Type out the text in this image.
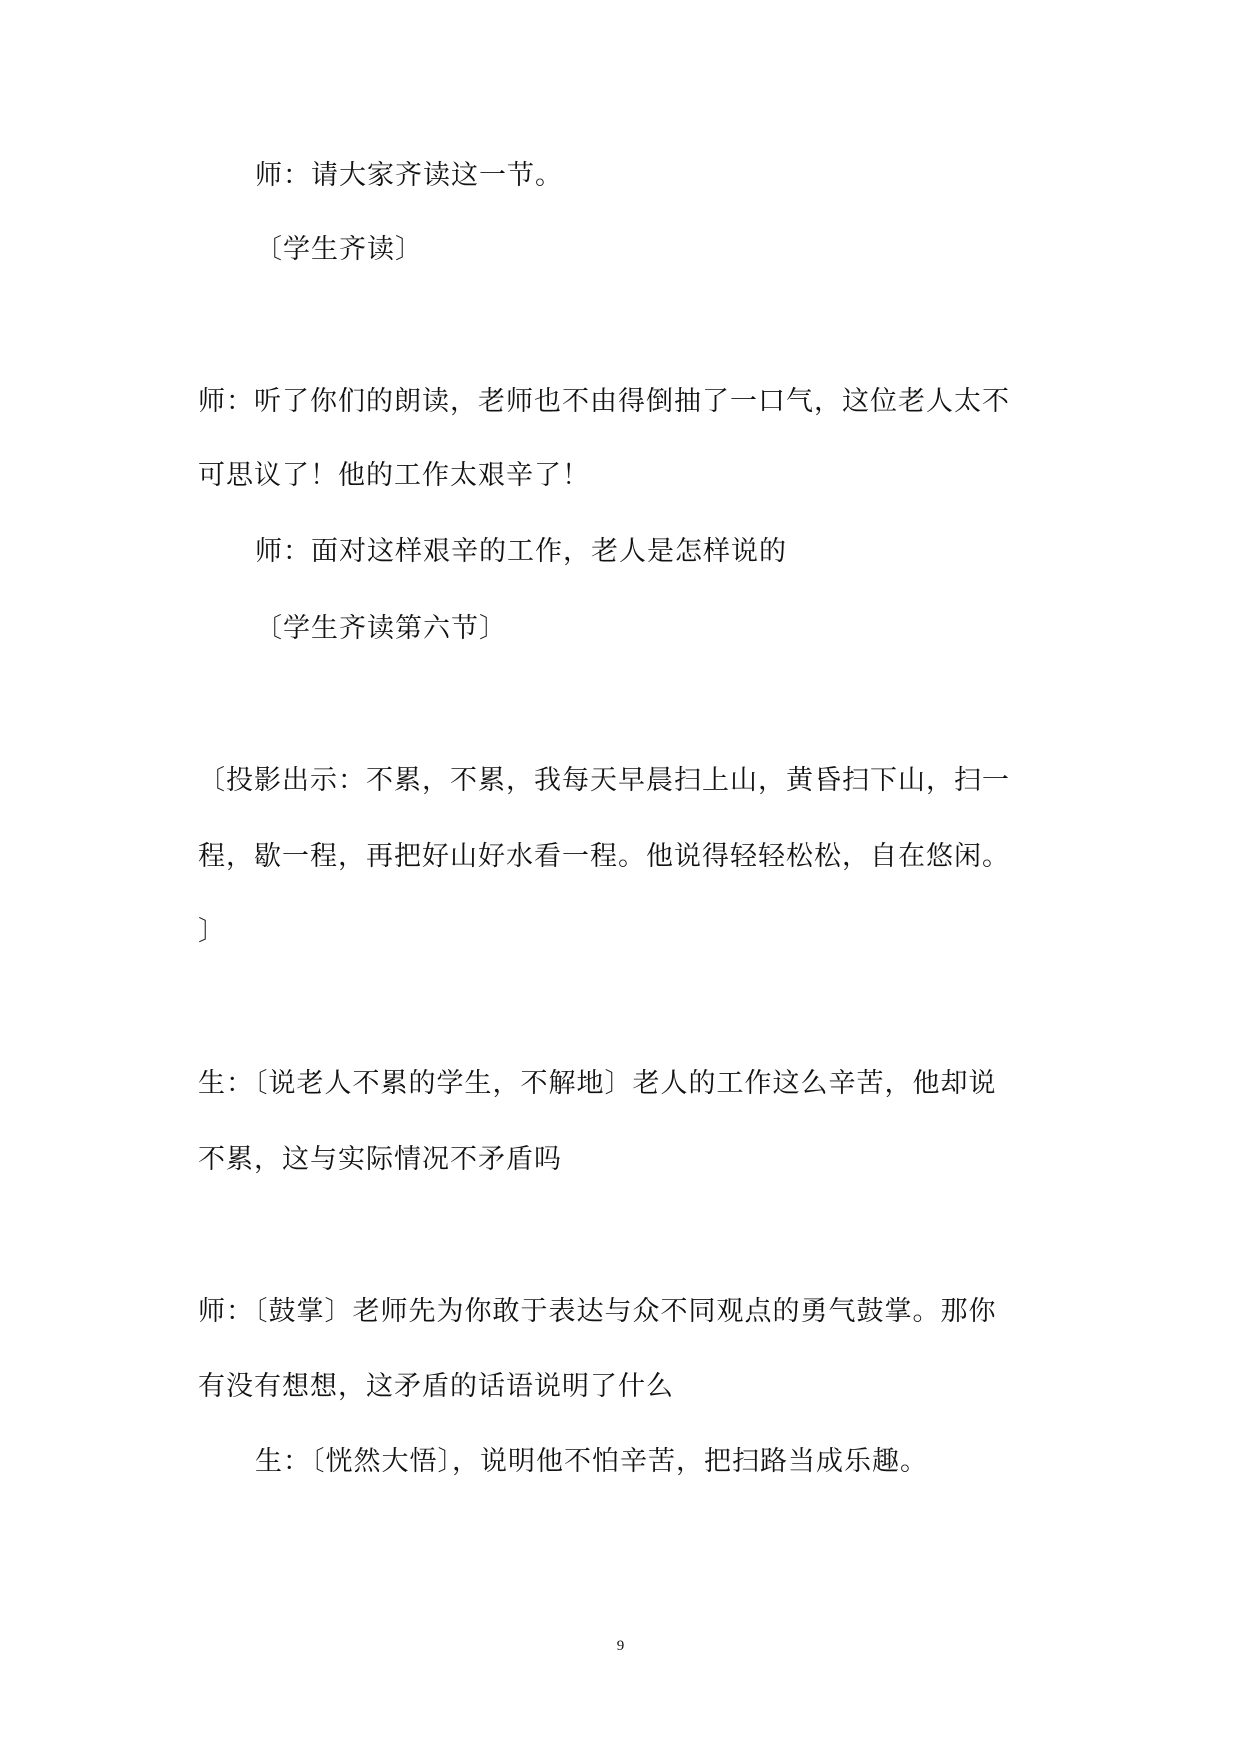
师：请大家齐读这一节。
〔学生齐读〕
师：听了你们的朗读，老师也不由得倒抽了一口气，这位老人太不
可思议了！他的工作太艰辛了！
师：面对这样艰辛的工作，老人是怎样说的
〔学生齐读第六节〕
〔投影出示：不累，不累，我每天早晨扫上山，黄昏扫下山，扫一
程，歇一程，再把好山好水看一程。他说得轻轻松松，自在悠闲。
〕
生：〔说老人不累的学生，不解地〕老人的工作这么辛苦，他却说
不累，这与实际情况不矛盾吗
师：〔鼓掌〕老师先为你敢于表达与众不同观点的勇气鼓掌。那你
有没有想想，这矛盾的话语说明了什么
生：〔恍然大悟〕，说明他不怕辛苦，把扫路当成乐趣。
9
